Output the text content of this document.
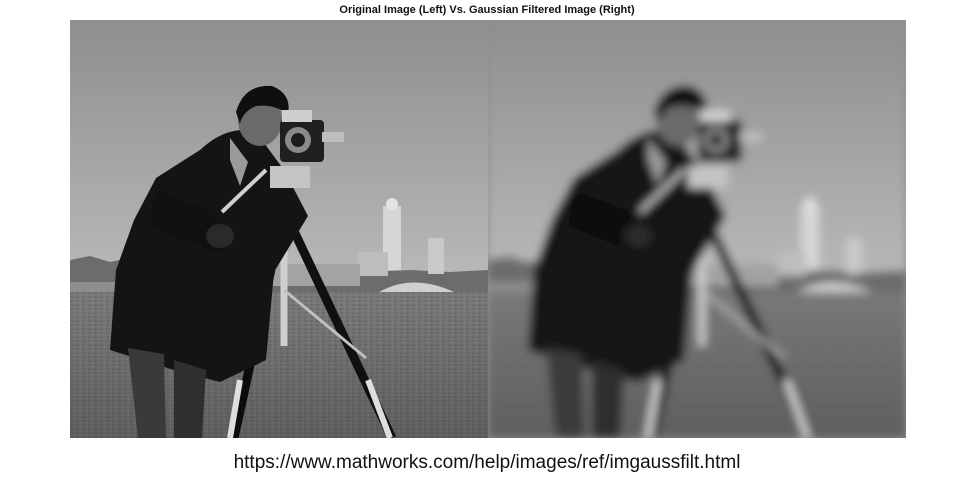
Original Image (Left) Vs. Gaussian Filtered Image (Right)
https://www.mathworks.com/help/images/ref/imgaussfilt.html
